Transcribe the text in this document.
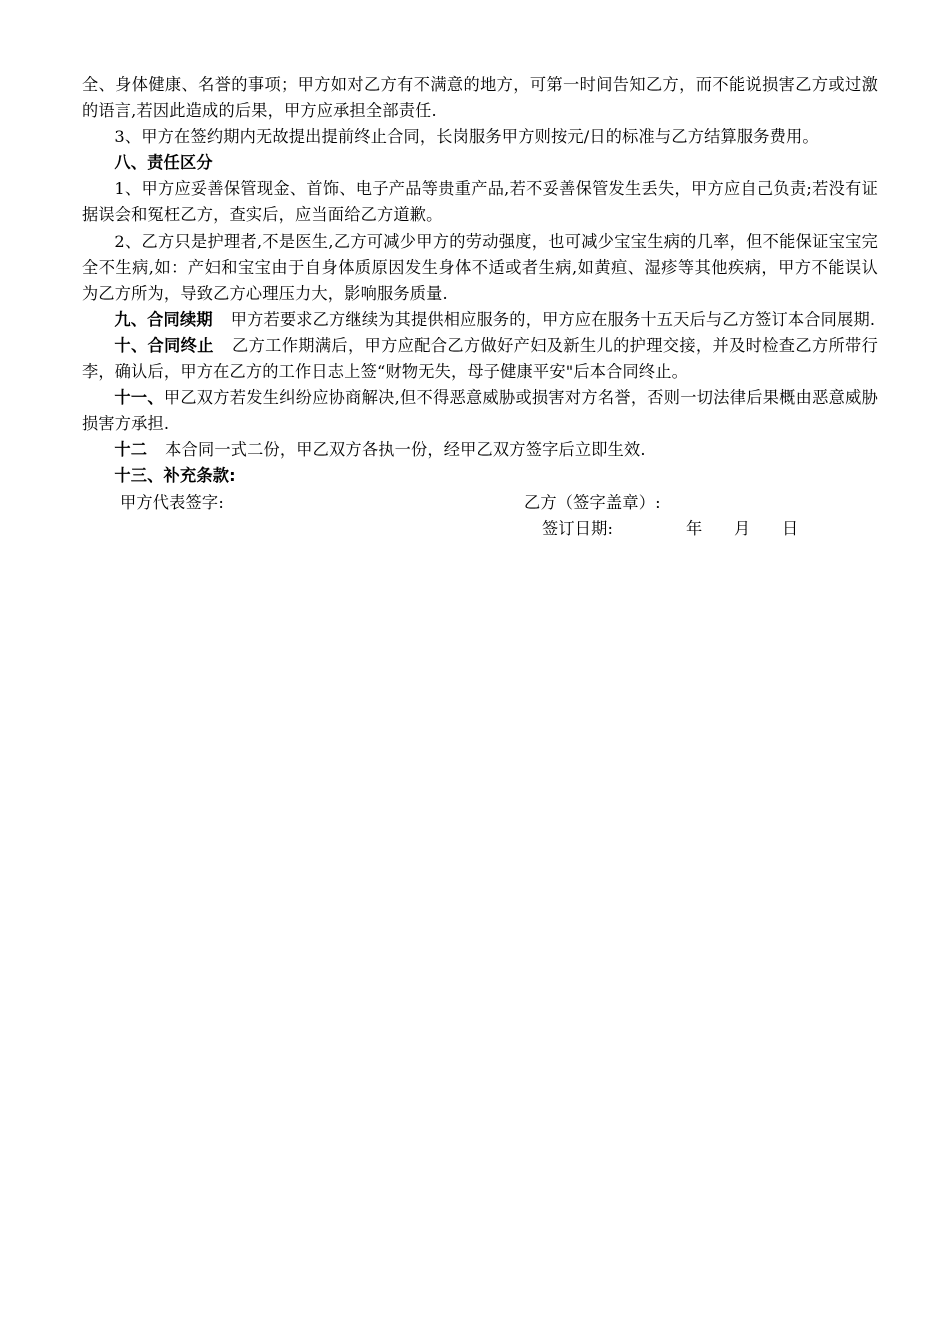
全、身体健康、名誉的事项；甲方如对乙方有不满意的地方，可第一时间告知乙方，而不能说损害乙方或过激的语言,若因此造成的后果，甲方应承担全部责任.

3、甲方在签约期内无故提出提前终止合同，长岗服务甲方则按元/日的标准与乙方结算服务费用。

八、责任区分

1、甲方应妥善保管现金、首饰、电子产品等贵重产品,若不妥善保管发生丢失，甲方应自己负责;若没有证据误会和冤枉乙方，查实后，应当面给乙方道歉。

2、乙方只是护理者,不是医生,乙方可减少甲方的劳动强度，也可减少宝宝生病的几率，但不能保证宝宝完全不生病,如：产妇和宝宝由于自身体质原因发生身体不适或者生病,如黄疸、湿疹等其他疾病，甲方不能误认为乙方所为，导致乙方心理压力大，影响服务质量.

九、合同续期 甲方若要求乙方继续为其提供相应服务的，甲方应在服务十五天后与乙方签订本合同展期.

十、合同终止 乙方工作期满后，甲方应配合乙方做好产妇及新生儿的护理交接，并及时检查乙方所带行李，确认后，甲方在乙方的工作日志上签“财物无失，母子健康平安"后本合同终止。

十一、甲乙双方若发生纠纷应协商解决,但不得恶意威胁或损害对方名誉，否则一切法律后果概由恶意威胁损害方承担.

十二 本合同一式二份，甲乙双方各执一份，经甲乙双方签字后立即生效.

十三、补充条款:

甲方代表签字:	乙方（签字盖章）:
签订日期:	年 月 日
